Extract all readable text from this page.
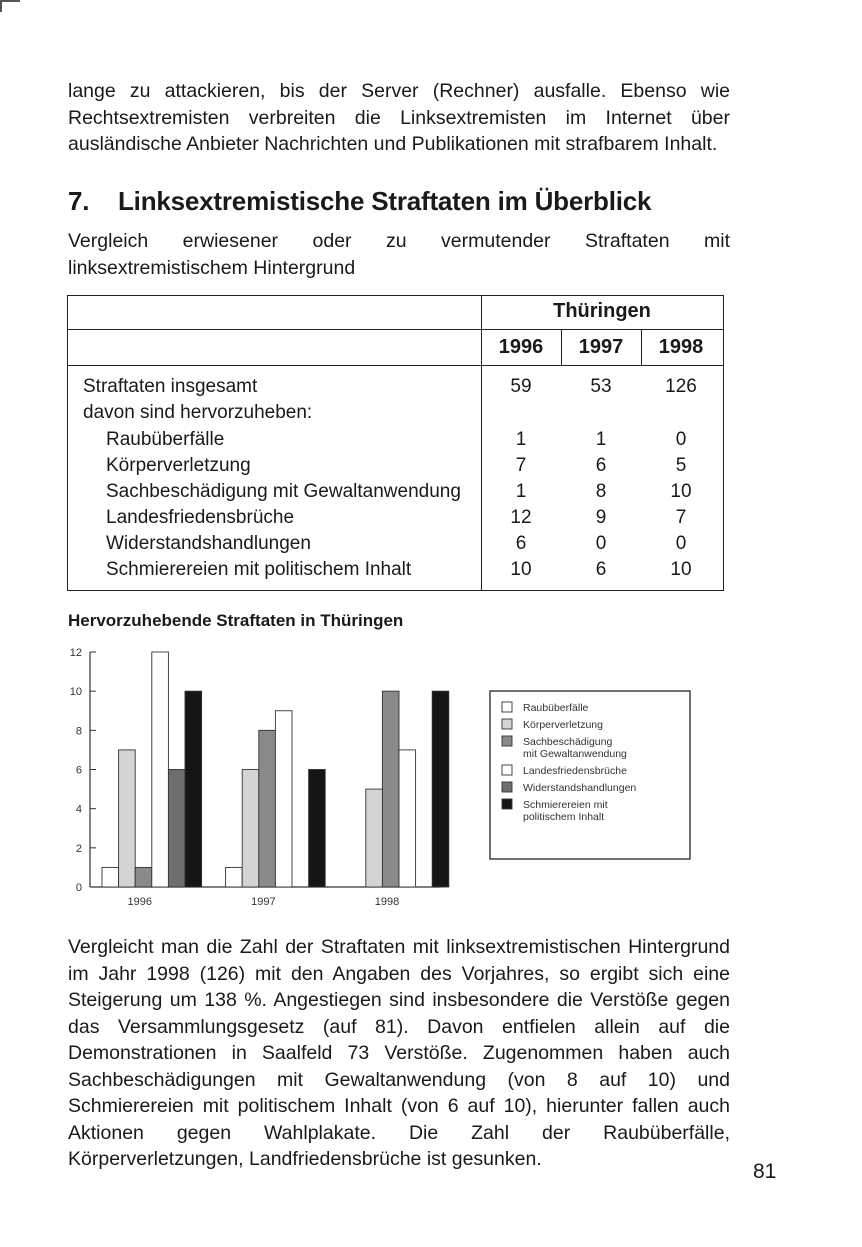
lange zu attackieren, bis der Server (Rechner) ausfalle. Ebenso wie Rechtsextremisten verbreiten die Linksextremisten im Internet über ausländische Anbieter Nachrichten und Publikationen mit strafbarem Inhalt.

7. Linksextremistische Straftaten im Überblick

Vergleich erwiesener oder zu vermutender Straftaten mit linksextremistischem Hintergrund

Thüringen
1996	1997	1998
Straftaten insgesamt	59	53	126
davon sind hervorzuheben:
Raubüberfälle	1	1	0
Körperverletzung	7	6	5
Sachbeschädigung mit Gewaltanwendung	1	8	10
Landesfriedensbrüche	12	9	7
Widerstandshandlungen	6	0	0
Schmierereien mit politischem Inhalt	10	6	10
Hervorzuhebende Straftaten in Thüringen
0
2
4
6
8
10
12
1996	1997	1998
Raubüberfälle
Körperverletzung
Sachbeschädigung
mit Gewaltanwendung
Landesfriedensbrüche
Widerstandshandlungen
Schmierereien mit
politischem Inhalt

Vergleicht man die Zahl der Straftaten mit linksextremistischen Hintergrund im Jahr 1998 (126) mit den Angaben des Vorjahres, so ergibt sich eine Steigerung um 138 %. Angestiegen sind insbesondere die Verstöße gegen das Versammlungsgesetz (auf 81). Davon entfielen allein auf die Demonstrationen in Saalfeld 73 Verstöße. Zugenommen haben auch Sachbeschädigungen mit Gewaltanwendung (von 8 auf 10) und Schmierereien mit politischem Inhalt (von 6 auf 10), hierunter fallen auch Aktionen gegen Wahlplakate. Die Zahl der Raubüberfälle, Körperverletzungen, Landfriedensbrüche ist gesunken.

81
